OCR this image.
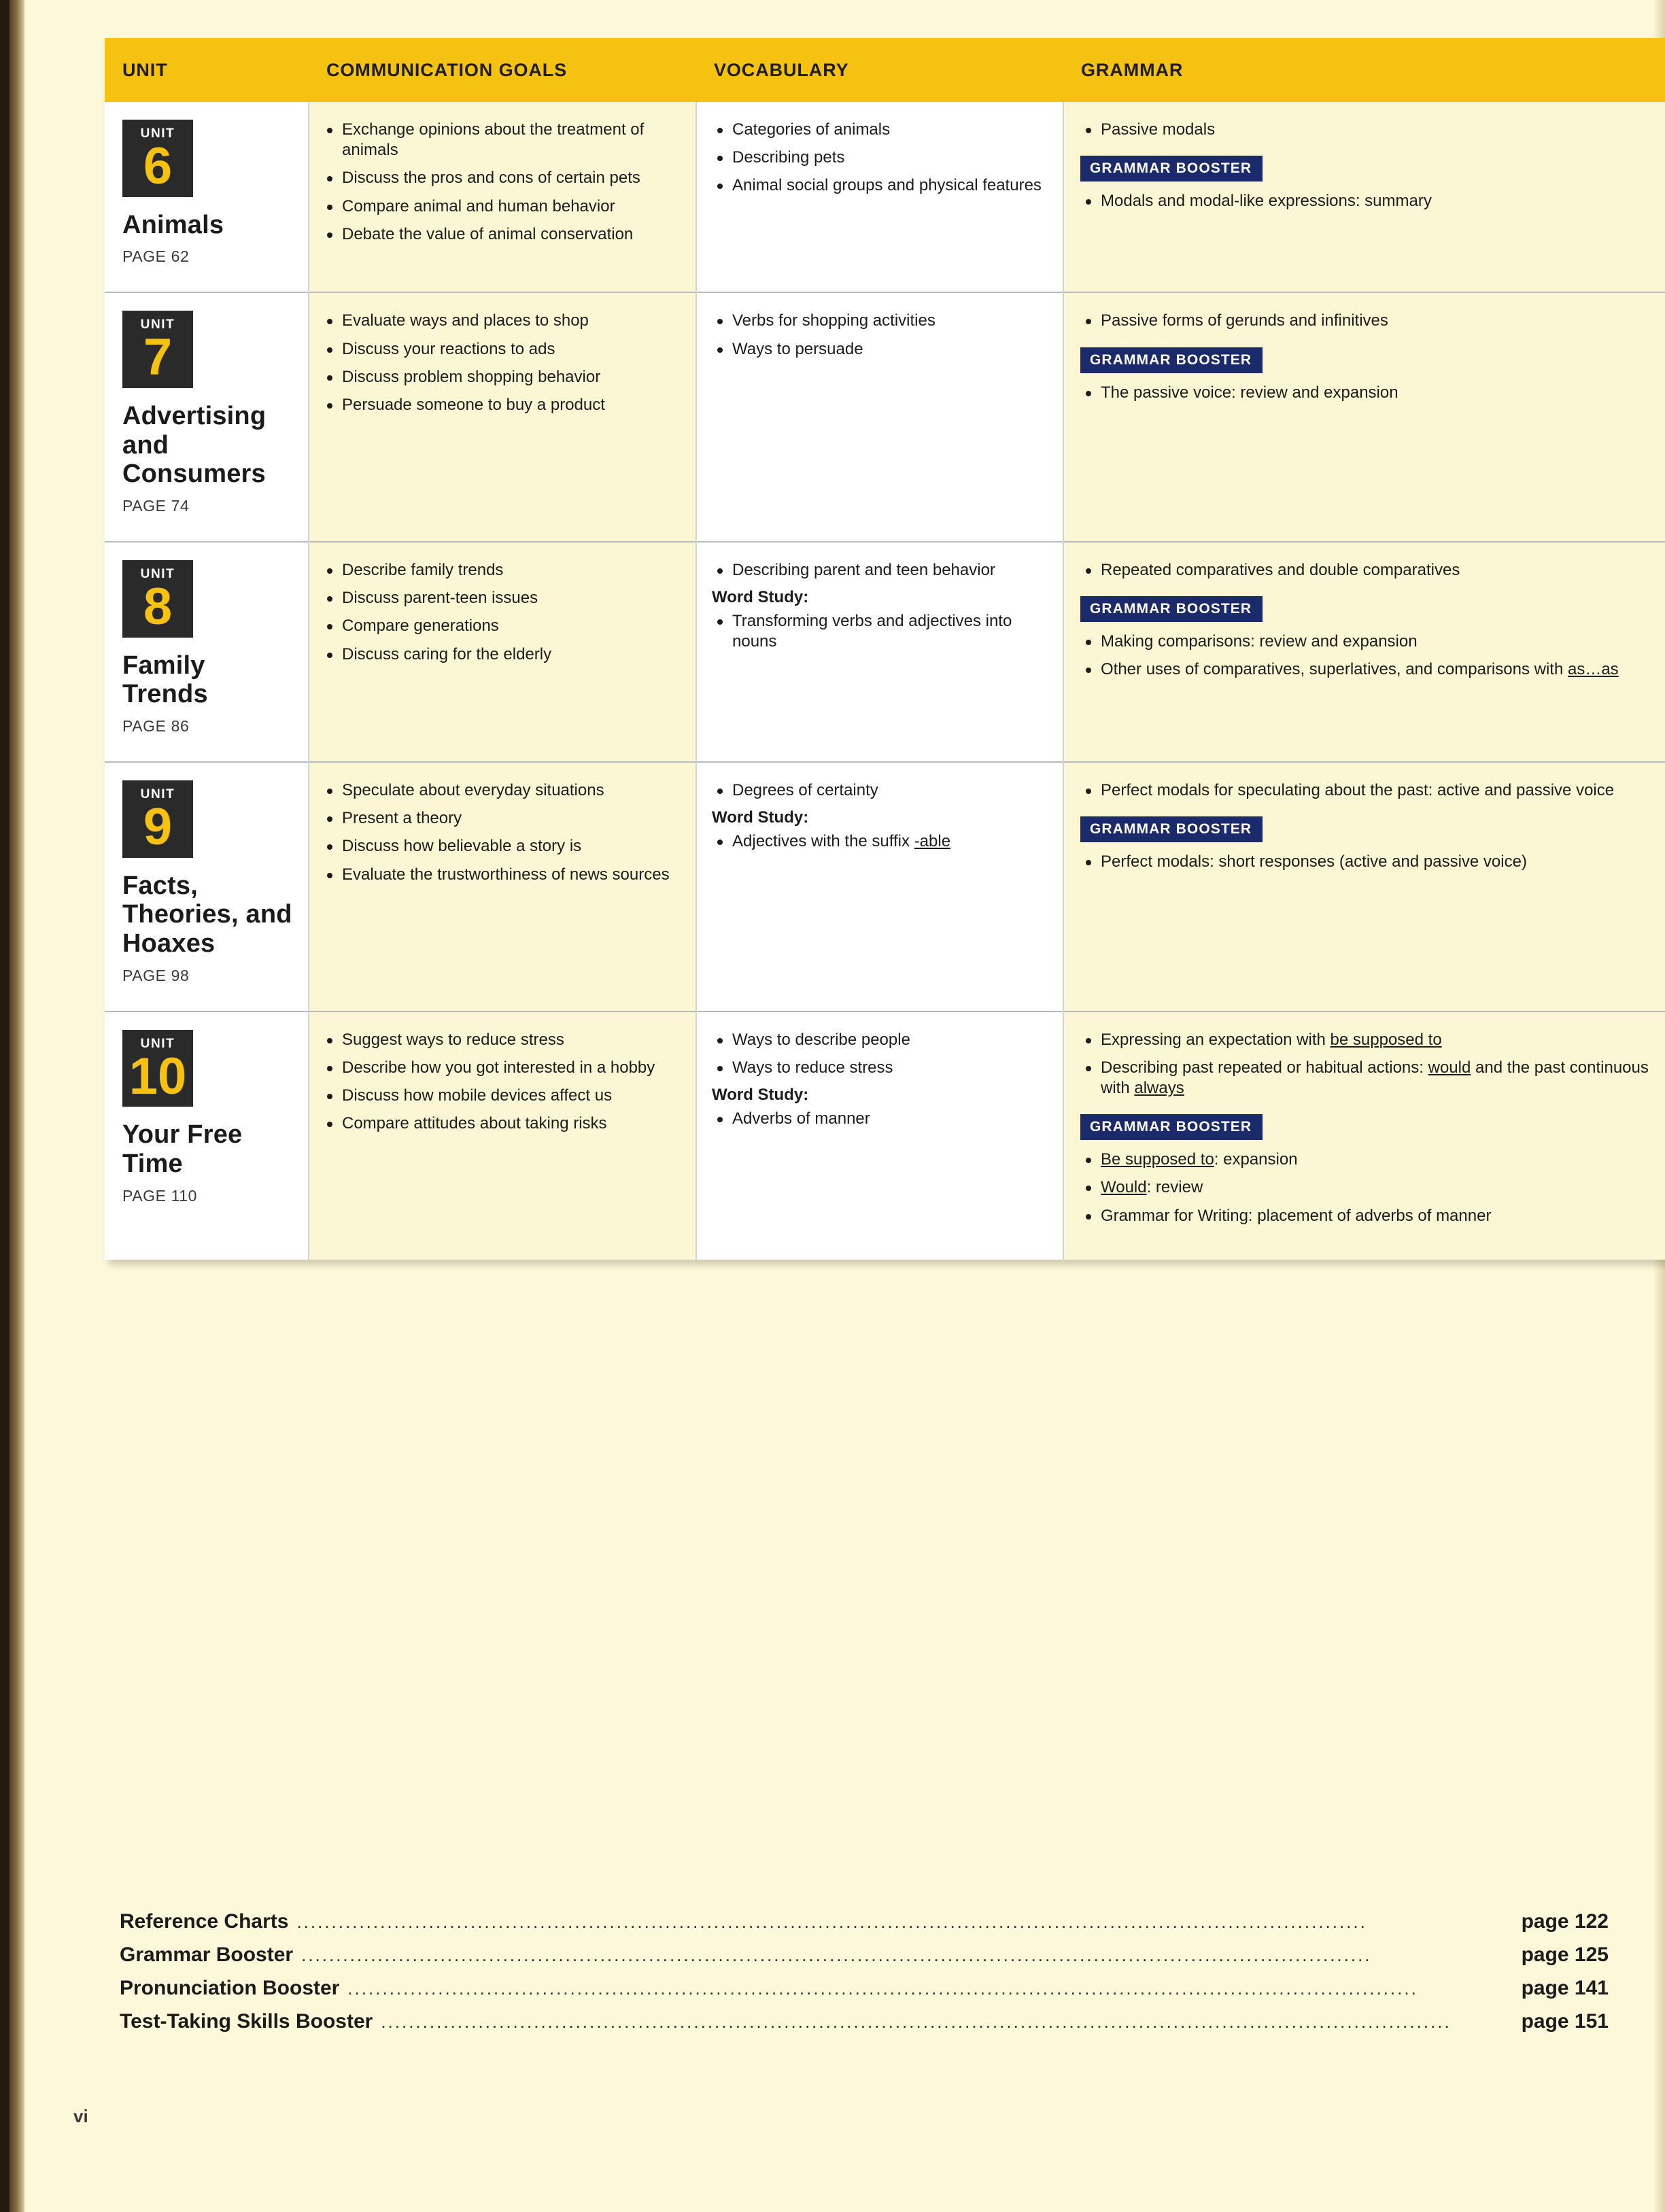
UNIT	COMMUNICATION GOALS	VOCABULARY	GRAMMAR

UNIT
6
Animals
PAGE 62

Exchange opinions about the treatment of animals
Discuss the pros and cons of certain pets
Compare animal and human behavior
Debate the value of animal conservation

Categories of animals
Describing pets
Animal social groups and physical features

Passive modals
GRAMMAR BOOSTER
Modals and modal-like expressions: summary

UNIT
7
Advertising and Consumers
PAGE 74

Evaluate ways and places to shop
Discuss your reactions to ads
Discuss problem shopping behavior
Persuade someone to buy a product

Verbs for shopping activities
Ways to persuade

Passive forms of gerunds and infinitives
GRAMMAR BOOSTER
The passive voice: review and expansion

UNIT
8
Family Trends
PAGE 86

Describe family trends
Discuss parent-teen issues
Compare generations
Discuss caring for the elderly

Describing parent and teen behavior
Word Study:
Transforming verbs and adjectives into nouns

Repeated comparatives and double comparatives
GRAMMAR BOOSTER
Making comparisons: review and expansion
Other uses of comparatives, superlatives, and comparisons with as…as

UNIT
9
Facts, Theories, and Hoaxes
PAGE 98

Speculate about everyday situations
Present a theory
Discuss how believable a story is
Evaluate the trustworthiness of news sources

Degrees of certainty
Word Study:
Adjectives with the suffix -able

Perfect modals for speculating about the past: active and passive voice
GRAMMAR BOOSTER
Perfect modals: short responses (active and passive voice)

UNIT
10
Your Free Time
PAGE 110

Suggest ways to reduce stress
Describe how you got interested in a hobby
Discuss how mobile devices affect us
Compare attitudes about taking risks

Ways to describe people
Ways to reduce stress
Word Study:
Adverbs of manner

Expressing an expectation with be supposed to
Describing past repeated or habitual actions: would and the past continuous with always
GRAMMAR BOOSTER
Be supposed to: expansion
Would: review
Grammar for Writing: placement of adverbs of manner
Reference Charts ..........................................................................................................................................................	page 122
Grammar Booster ..........................................................................................................................................................	page 125
Pronunciation Booster ..........................................................................................................................................................	page 141
Test-Taking Skills Booster ..........................................................................................................................................................	page 151
vi
